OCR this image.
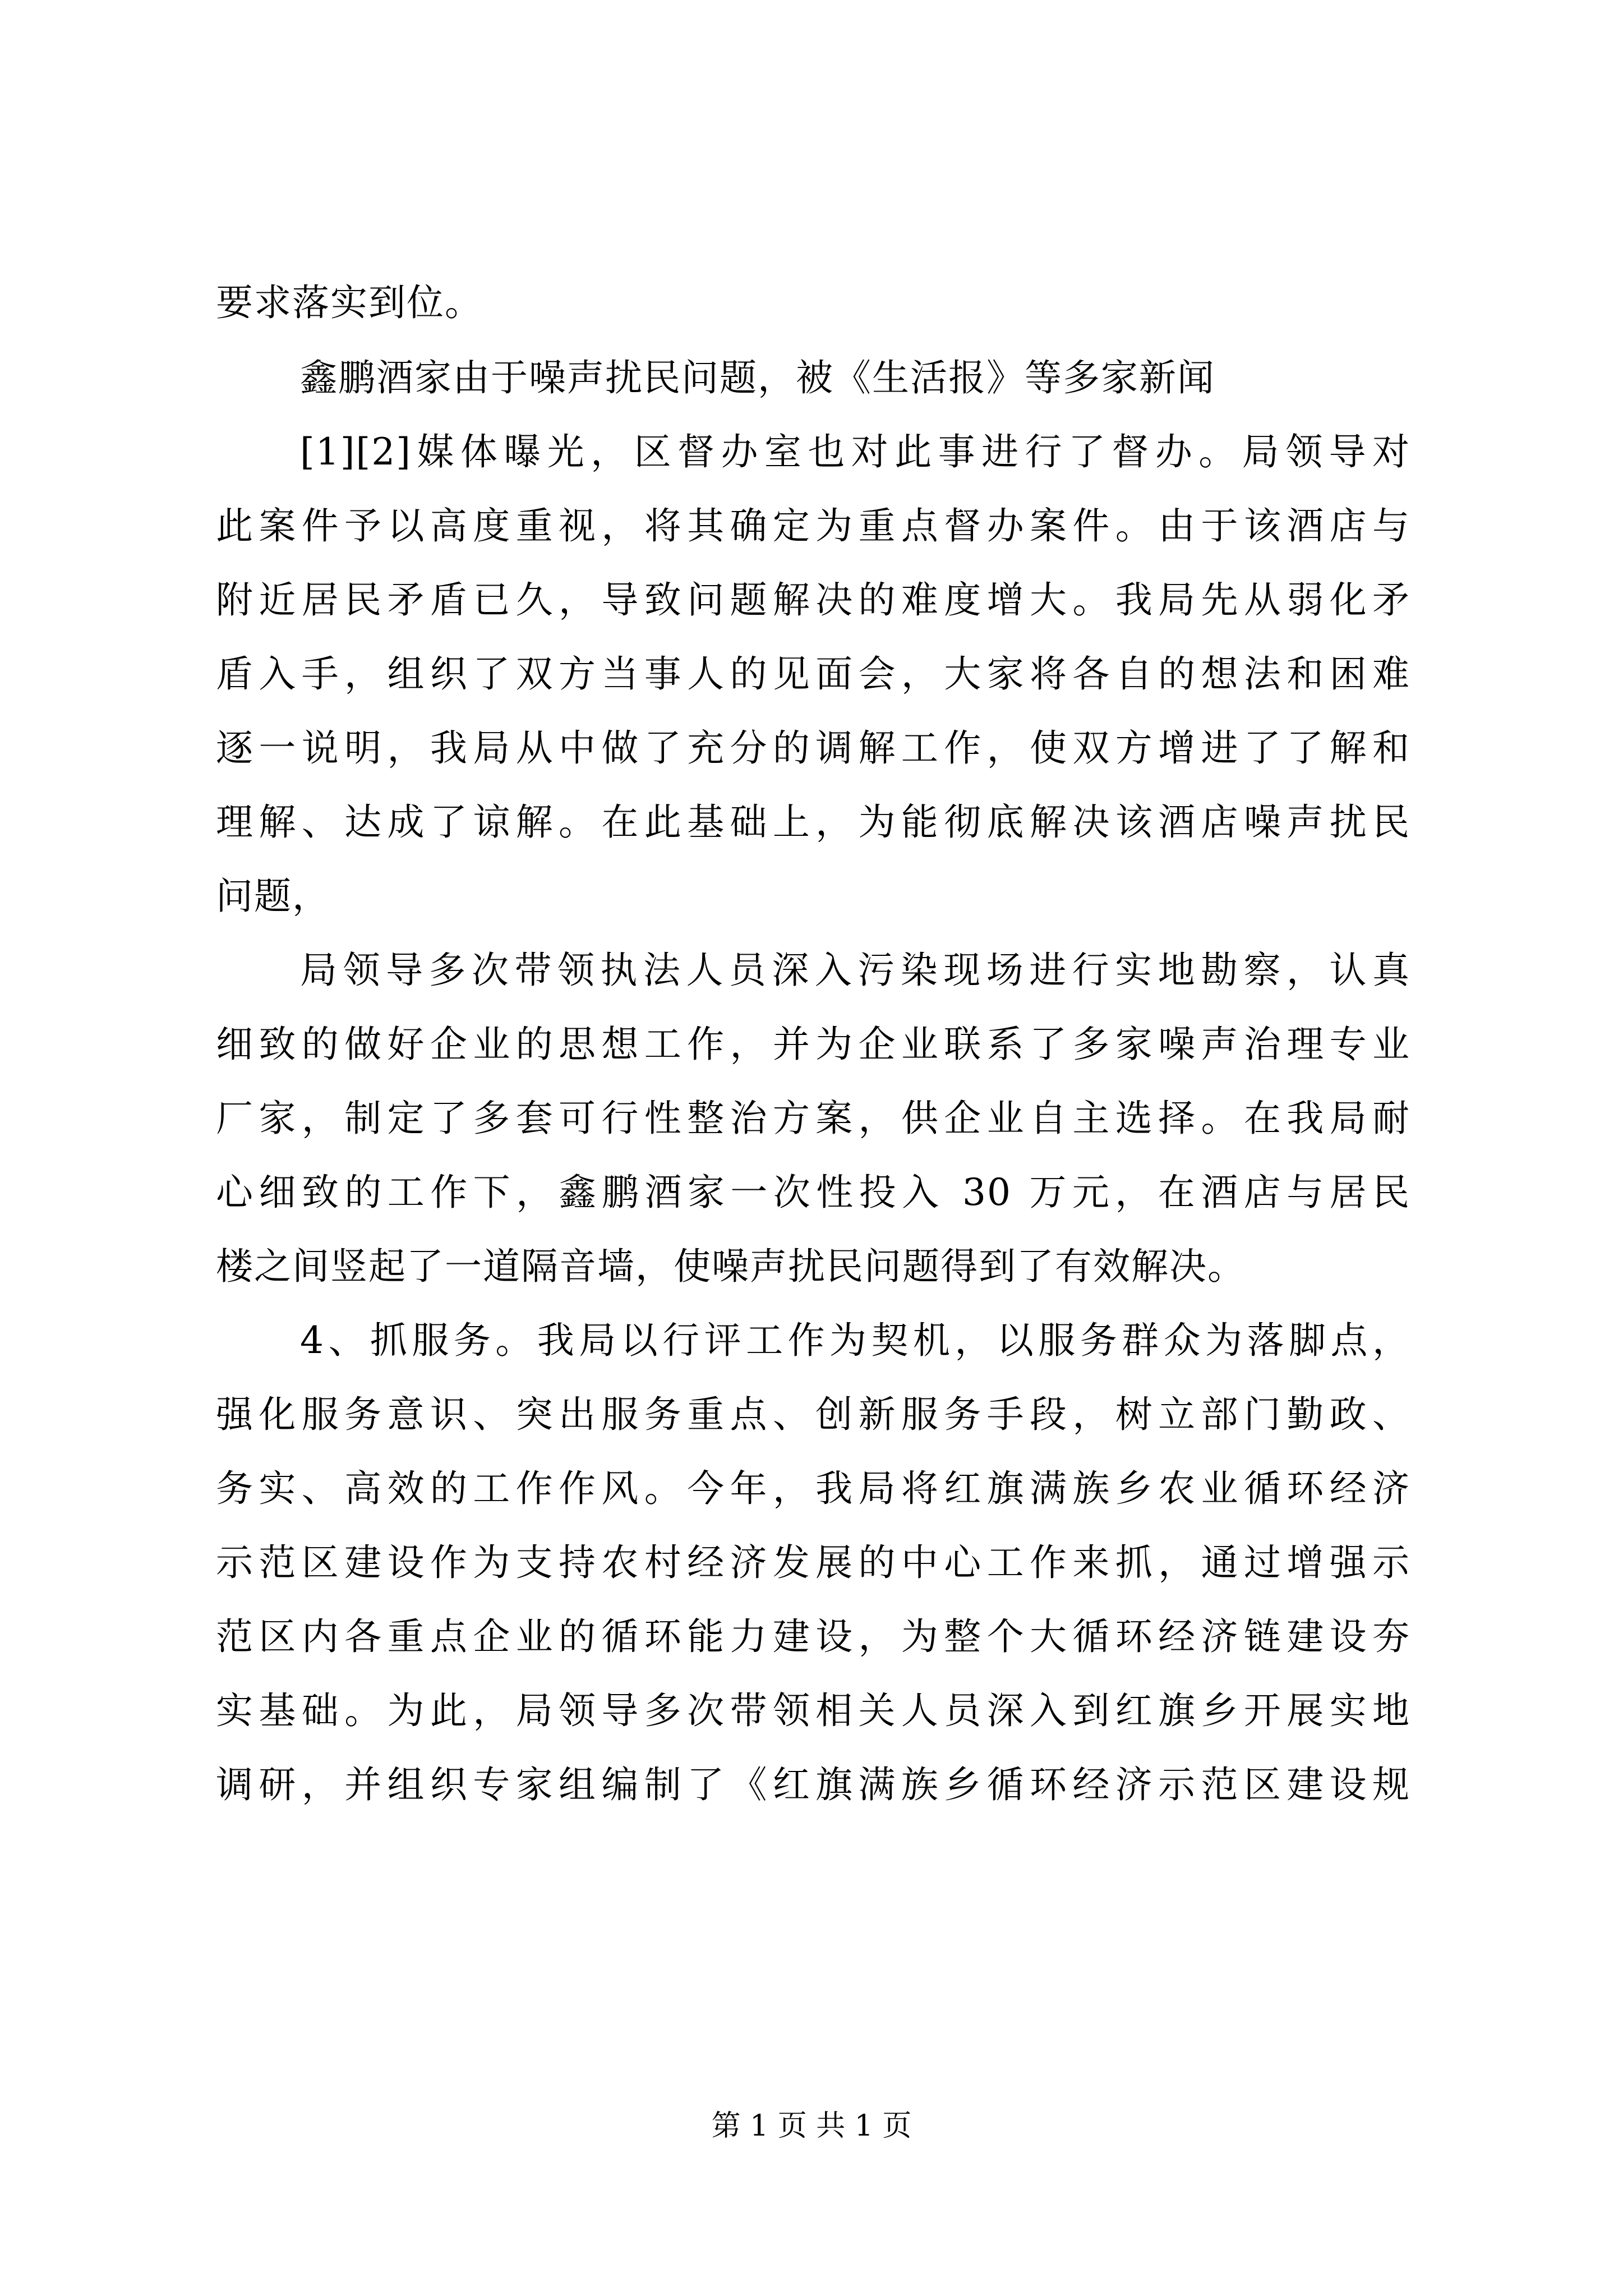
要求落实到位。
鑫鹏酒家由于噪声扰民问题，被《生活报》等多家新闻
[1][2]媒体曝光，区督办室也对此事进行了督办。局领导对
此案件予以高度重视，将其确定为重点督办案件。由于该酒店与
附近居民矛盾已久，导致问题解决的难度增大。我局先从弱化矛
盾入手，组织了双方当事人的见面会，大家将各自的想法和困难
逐一说明，我局从中做了充分的调解工作，使双方增进了了解和
理解、达成了谅解。在此基础上，为能彻底解决该酒店噪声扰民
问题，
局领导多次带领执法人员深入污染现场进行实地勘察，认真
细致的做好企业的思想工作，并为企业联系了多家噪声治理专业
厂家，制定了多套可行性整治方案，供企业自主选择。在我局耐
心细致的工作下，鑫鹏酒家一次性投入 30 万元，在酒店与居民
楼之间竖起了一道隔音墙，使噪声扰民问题得到了有效解决。
4、抓服务。我局以行评工作为契机，以服务群众为落脚点，
强化服务意识、突出服务重点、创新服务手段，树立部门勤政、
务实、高效的工作作风。今年，我局将红旗满族乡农业循环经济
示范区建设作为支持农村经济发展的中心工作来抓，通过增强示
范区内各重点企业的循环能力建设，为整个大循环经济链建设夯
实基础。为此，局领导多次带领相关人员深入到红旗乡开展实地
调研，并组织专家组编制了《红旗满族乡循环经济示范区建设规
第 1 页 共 1 页
